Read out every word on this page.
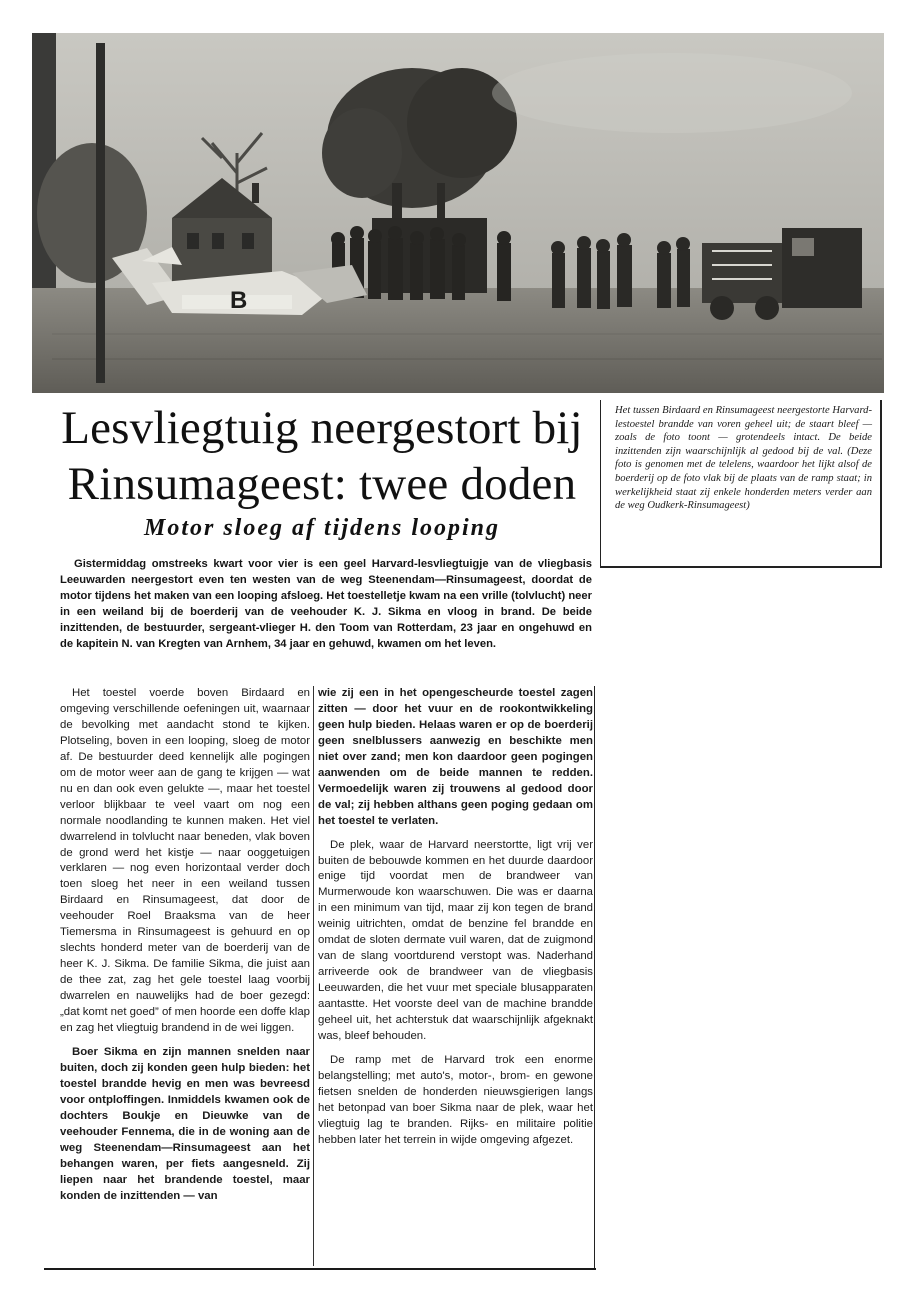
B
Lesvliegtuig neergestort bij
Rinsumageest: twee doden
Motor sloeg af tijdens looping

Het tussen Birdaard en Rinsumageest neergestorte Harvard-lestoestel brandde van voren geheel uit; de staart bleef — zoals de foto toont — grotendeels intact. De beide inzittenden zijn waarschijnlijk al gedood bij de val. (Deze foto is genomen met de telelens, waardoor het lijkt alsof de boerderij op de foto vlak bij de plaats van de ramp staat; in werkelijkheid staat zij enkele honderden meters verder aan de weg Oudkerk-Rinsumageest)

Gistermiddag omstreeks kwart voor vier is een geel Harvard-lesvliegtuigje van de vliegbasis Leeuwarden neergestort even ten westen van de weg Steenendam—Rinsumageest, doordat de motor tijdens het maken van een looping afsloeg. Het toestelletje kwam na een vrille (tolvlucht) neer in een weiland bij de boerderij van de veehouder K. J. Sikma en vloog in brand. De beide inzittenden, de bestuurder, sergeant-vlieger H. den Toom van Rotterdam, 23 jaar en ongehuwd en de kapitein N. van Kregten van Arnhem, 34 jaar en gehuwd, kwamen om het leven.

Het toestel voerde boven Birdaard en omgeving verschillende oefeningen uit, waarnaar de bevolking met aandacht stond te kijken. Plotseling, boven in een looping, sloeg de motor af. De bestuurder deed kennelijk alle pogingen om de motor weer aan de gang te krijgen — wat nu en dan ook even gelukte —, maar het toestel verloor blijkbaar te veel vaart om nog een normale noodlanding te kunnen maken. Het viel dwarrelend in tolvlucht naar beneden, vlak boven de grond werd het kistje — naar ooggetuigen verklaren — nog even horizontaal verder doch toen sloeg het neer in een weiland tussen Birdaard en Rinsumageest, dat door de veehouder Roel Braaksma van de heer Tiemersma in Rinsumageest is gehuurd en op slechts honderd meter van de boerderij van de heer K. J. Sikma. De familie Sikma, die juist aan de thee zat, zag het gele toestel laag voorbij dwarrelen en nauwelijks had de boer gezegd: „dat komt net goed” of men hoorde een doffe klap en zag het vliegtuig brandend in de wei liggen.

Boer Sikma en zijn mannen snelden naar buiten, doch zij konden geen hulp bieden: het toestel brandde hevig en men was bevreesd voor ontploffingen. Inmiddels kwamen ook de dochters Boukje en Dieuwke van de veehouder Fennema, die in de woning aan de weg Steenendam—Rinsumageest aan het behangen waren, per fiets aangesneld. Zij liepen naar het brandende toestel, maar konden de inzittenden — van

wie zij een in het opengescheurde toestel zagen zitten — door het vuur en de rookontwikkeling geen hulp bieden. Helaas waren er op de boerderij geen snelblussers aanwezig en beschikte men niet over zand; men kon daardoor geen pogingen aanwenden om de beide mannen te redden. Vermoedelijk waren zij trouwens al gedood door de val; zij hebben althans geen poging gedaan om het toestel te verlaten.

De plek, waar de Harvard neerstortte, ligt vrij ver buiten de bebouwde kommen en het duurde daardoor enige tijd voordat men de brandweer van Murmerwoude kon waarschuwen. Die was er daarna in een minimum van tijd, maar zij kon tegen de brand weinig uitrichten, omdat de benzine fel brandde en omdat de sloten dermate vuil waren, dat de zuigmond van de slang voortdurend verstopt was. Naderhand arriveerde ook de brandweer van de vliegbasis Leeuwarden, die het vuur met speciale blusapparaten aantastte. Het voorste deel van de machine brandde geheel uit, het achterstuk dat waarschijnlijk afgeknakt was, bleef behouden.

De ramp met de Harvard trok een enorme belangstelling; met auto's, motor-, brom- en gewone fietsen snelden de honderden nieuwsgierigen langs het betonpad van boer Sikma naar de plek, waar het vliegtuig lag te branden. Rijks- en militaire politie hebben later het terrein in wijde omgeving afgezet.
